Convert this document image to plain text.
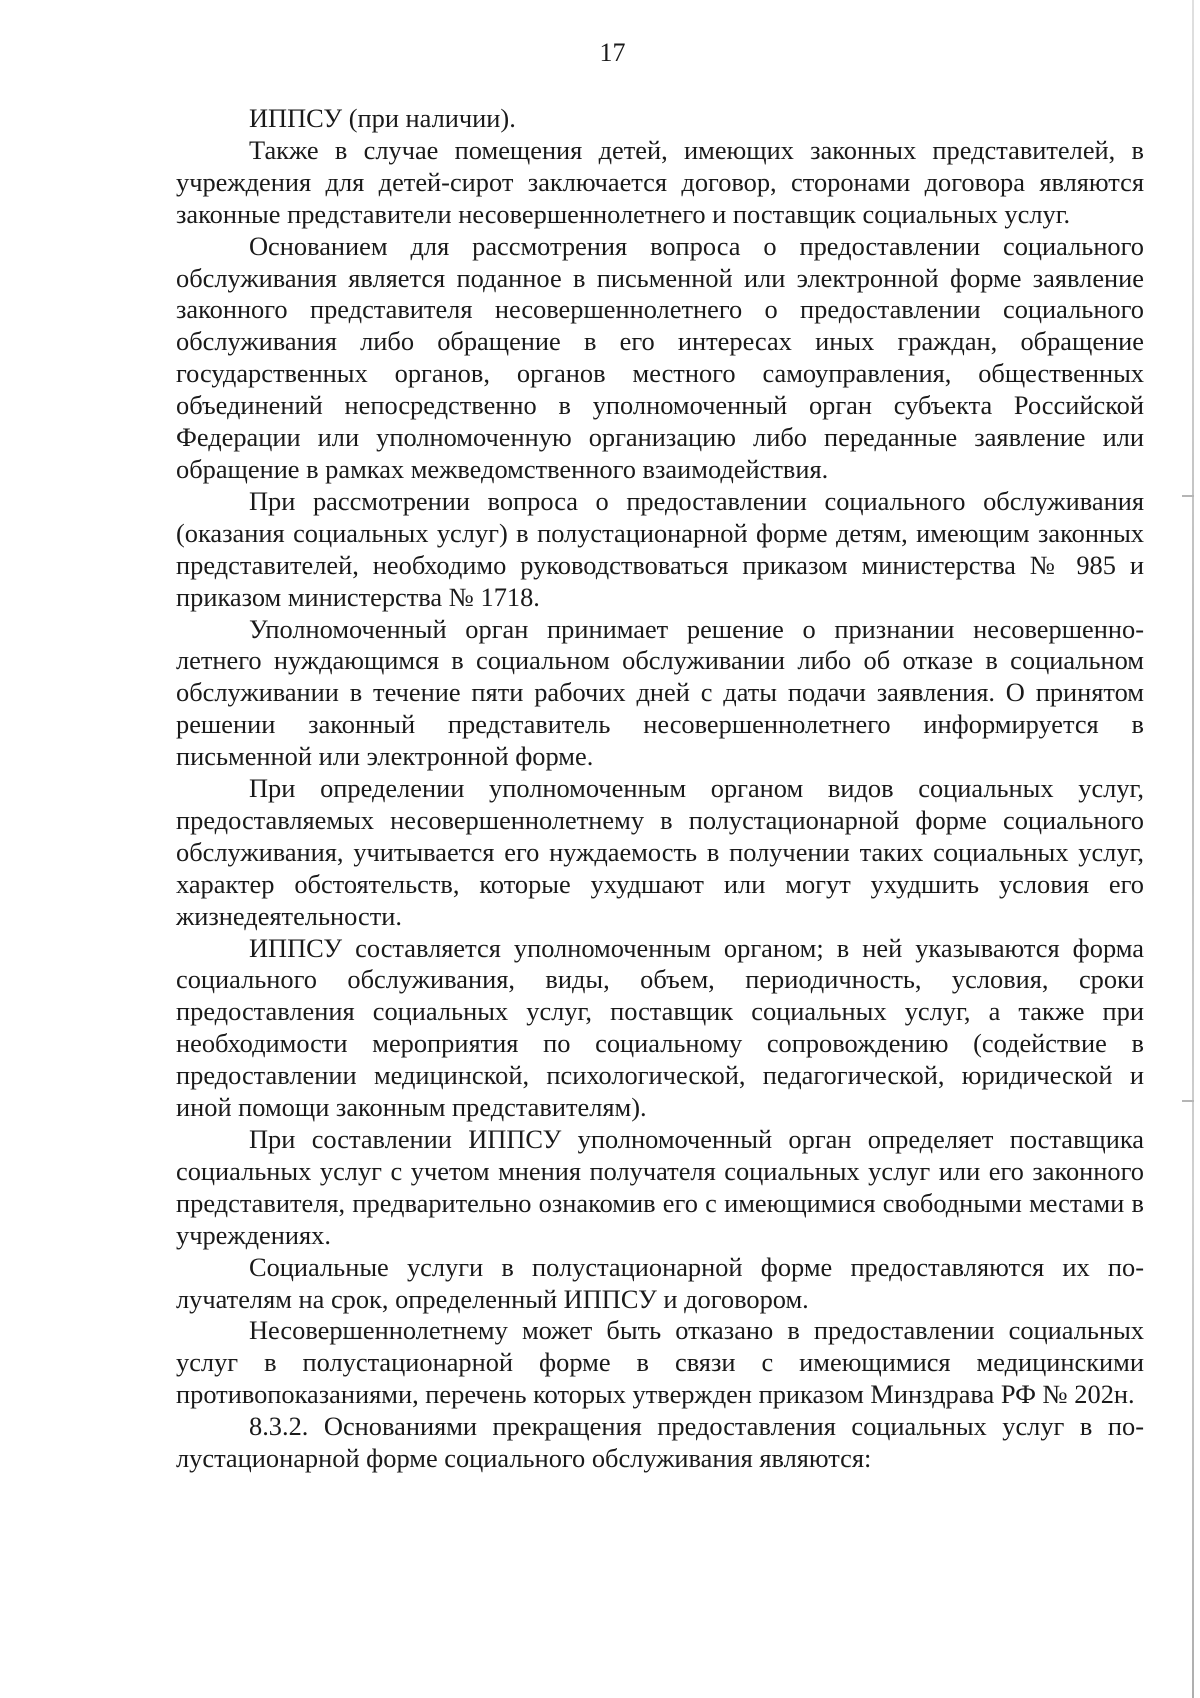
17

ИППСУ (при наличии).

Также в случае помещения детей, имеющих законных представителей, в учреждения для детей-сирот заключается договор, сторонами договора являются законные представители несовершеннолетнего и поставщик социальных услуг.

Основанием для рассмотрения вопроса о предоставлении социального обслуживания является поданное в письменной или электронной форме заявление законного представителя несовершеннолетнего о предоставлении социального обслуживания либо обращение в его интересах иных граждан, обращение государственных органов, органов местного самоуправления, общественных объединений непосредственно в уполномоченный орган субъекта Российской Федерации или уполномоченную организацию либо переданные заявление или обращение в рамках межведомственного взаимодействия.

При рассмотрении вопроса о предоставлении социального обслуживания (оказания социальных услуг) в полустационарной форме детям, имеющим законных представителей, необходимо руководствоваться приказом министерства № 985 и приказом министерства № 1718.

Уполномоченный орган принимает решение о признании несовершеннолетнего нуждающимся в социальном обслуживании либо об отказе в социальном обслуживании в течение пяти рабочих дней с даты подачи заявления. О принятом решении законный представитель несовершеннолетнего информируется в письменной или электронной форме.

При определении уполномоченным органом видов социальных услуг, предоставляемых несовершеннолетнему в полустационарной форме социального обслуживания, учитывается его нуждаемость в получении таких социальных услуг, характер обстоятельств, которые ухудшают или могут ухудшить условия его жизнедеятельности.

ИППСУ составляется уполномоченным органом; в ней указываются форма социального обслуживания, виды, объем, периодичность, условия, сроки предоставления социальных услуг, поставщик социальных услуг, а также при необходимости мероприятия по социальному сопровождению (содействие в предоставлении медицинской, психологической, педагогической, юридической и иной помощи законным представителям).

При составлении ИППСУ уполномоченный орган определяет поставщика социальных услуг с учетом мнения получателя социальных услуг или его законного представителя, предварительно ознакомив его с имеющимися свободными местами в учреждениях.

Социальные услуги в полустационарной форме предоставляются их получателям на срок, определенный ИППСУ и договором.

Несовершеннолетнему может быть отказано в предоставлении социальных услуг в полустационарной форме в связи с имеющимися медицинскими противопоказаниями, перечень которых утвержден приказом Минздрава РФ № 202н.

8.3.2. Основаниями прекращения предоставления социальных услуг в полустационарной форме социального обслуживания являются:
